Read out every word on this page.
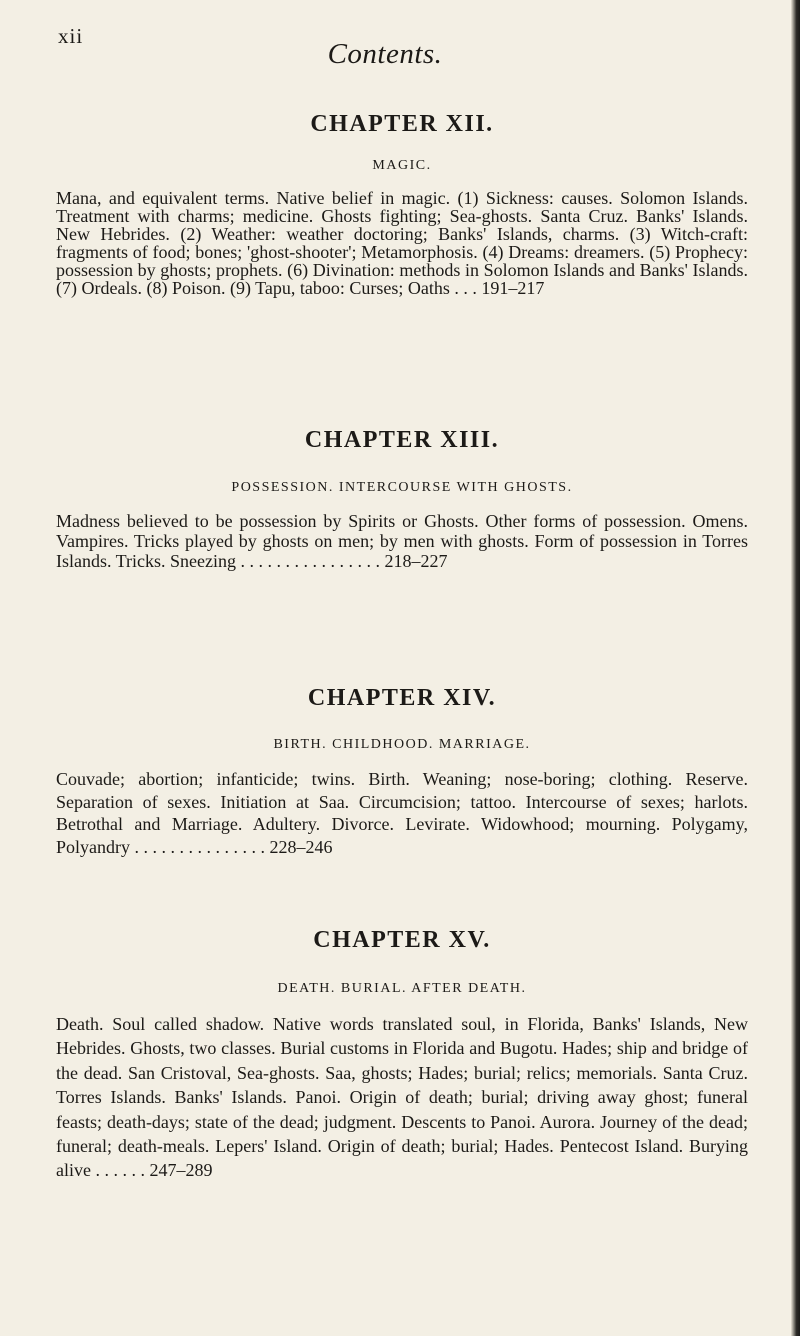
xii
Contents.
CHAPTER XII.
MAGIC.

Mana, and equivalent terms. Native belief in magic. (1) Sickness: causes. Solomon Islands. Treatment with charms; medicine. Ghosts fighting; Sea-ghosts. Santa Cruz. Banks' Islands. New Hebrides. (2) Weather: weather doctoring; Banks' Islands, charms. (3) Witch-craft: fragments of food; bones; 'ghost-shooter'; Metamorphosis. (4) Dreams: dreamers. (5) Prophecy: possession by ghosts; prophets. (6) Divination: methods in Solomon Islands and Banks' Islands. (7) Ordeals. (8) Poison. (9) Tapu, taboo: Curses; Oaths . . . 191–217

CHAPTER XIII.
POSSESSION. INTERCOURSE WITH GHOSTS.

Madness believed to be possession by Spirits or Ghosts. Other forms of possession. Omens. Vampires. Tricks played by ghosts on men; by men with ghosts. Form of possession in Torres Islands. Tricks. Sneezing . . . . . . . . . . . . . . . . 218–227

CHAPTER XIV.
BIRTH. CHILDHOOD. MARRIAGE.

Couvade; abortion; infanticide; twins. Birth. Weaning; nose-boring; clothing. Reserve. Separation of sexes. Initiation at Saa. Circumcision; tattoo. Intercourse of sexes; harlots. Betrothal and Marriage. Adultery. Divorce. Levirate. Widowhood; mourning. Polygamy, Polyandry . . . . . . . . . . . . . . . 228–246

CHAPTER XV.
DEATH. BURIAL. AFTER DEATH.

Death. Soul called shadow. Native words translated soul, in Florida, Banks' Islands, New Hebrides. Ghosts, two classes. Burial customs in Florida and Bugotu. Hades; ship and bridge of the dead. San Cristoval, Sea-ghosts. Saa, ghosts; Hades; burial; relics; memorials. Santa Cruz. Torres Islands. Banks' Islands. Panoi. Origin of death; burial; driving away ghost; funeral feasts; death-days; state of the dead; judgment. Descents to Panoi. Aurora. Journey of the dead; funeral; death-meals. Lepers' Island. Origin of death; burial; Hades. Pentecost Island. Burying alive . . . . . . 247–289
